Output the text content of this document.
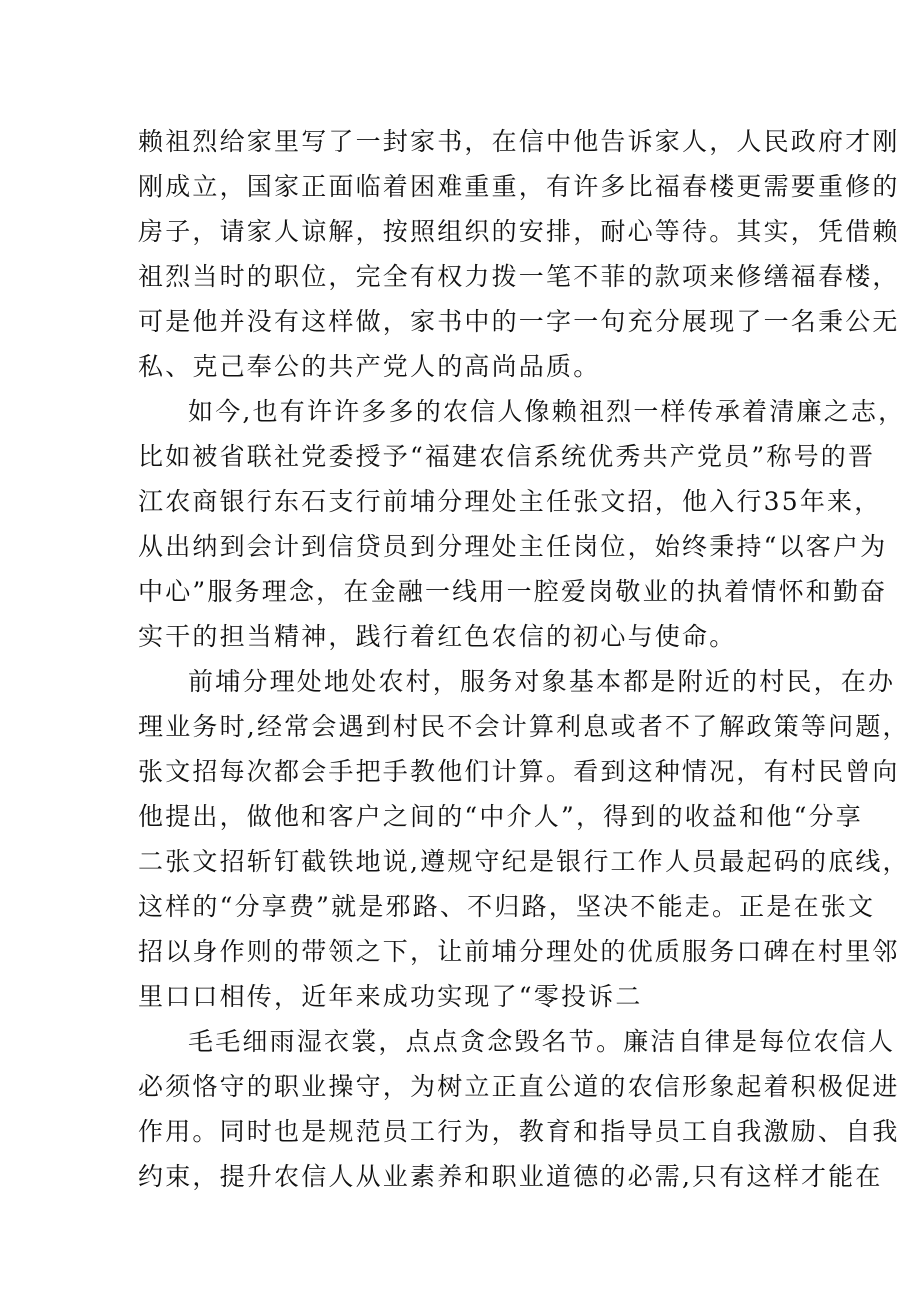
赖祖烈给家里写了一封家书，在信中他告诉家人，人民政府才刚
刚成立，国家正面临着困难重重，有许多比福春楼更需要重修的
房子，请家人谅解，按照组织的安排，耐心等待。其实，凭借赖
祖烈当时的职位，完全有权力拨一笔不菲的款项来修缮福春楼，
可是他并没有这样做，家书中的一字一句充分展现了一名秉公无
私、克己奉公的共产党人的高尚品质。
如今,也有许许多多的农信人像赖祖烈一样传承着清廉之志，
比如被省联社党委授予“福建农信系统优秀共产党员”称号的晋
江农商银行东石支行前埔分理处主任张文招，他入行35年来，
从出纳到会计到信贷员到分理处主任岗位，始终秉持“以客户为
中心”服务理念，在金融一线用一腔爱岗敬业的执着情怀和勤奋
实干的担当精神，践行着红色农信的初心与使命。
前埔分理处地处农村，服务对象基本都是附近的村民，在办
理业务时,经常会遇到村民不会计算利息或者不了解政策等问题，
张文招每次都会手把手教他们计算。看到这种情况，有村民曾向
他提出，做他和客户之间的“中介人”，得到的收益和他“分享
二张文招斩钉截铁地说,遵规守纪是银行工作人员最起码的底线，
这样的“分享费”就是邪路、不归路，坚决不能走。正是在张文
招以身作则的带领之下，让前埔分理处的优质服务口碑在村里邻
里口口相传，近年来成功实现了“零投诉二
毛毛细雨湿衣裳，点点贪念毁名节。廉洁自律是每位农信人
必须恪守的职业操守，为树立正直公道的农信形象起着积极促进
作用。同时也是规范员工行为，教育和指导员工自我激励、自我
约束，提升农信人从业素养和职业道德的必需,只有这样才能在
